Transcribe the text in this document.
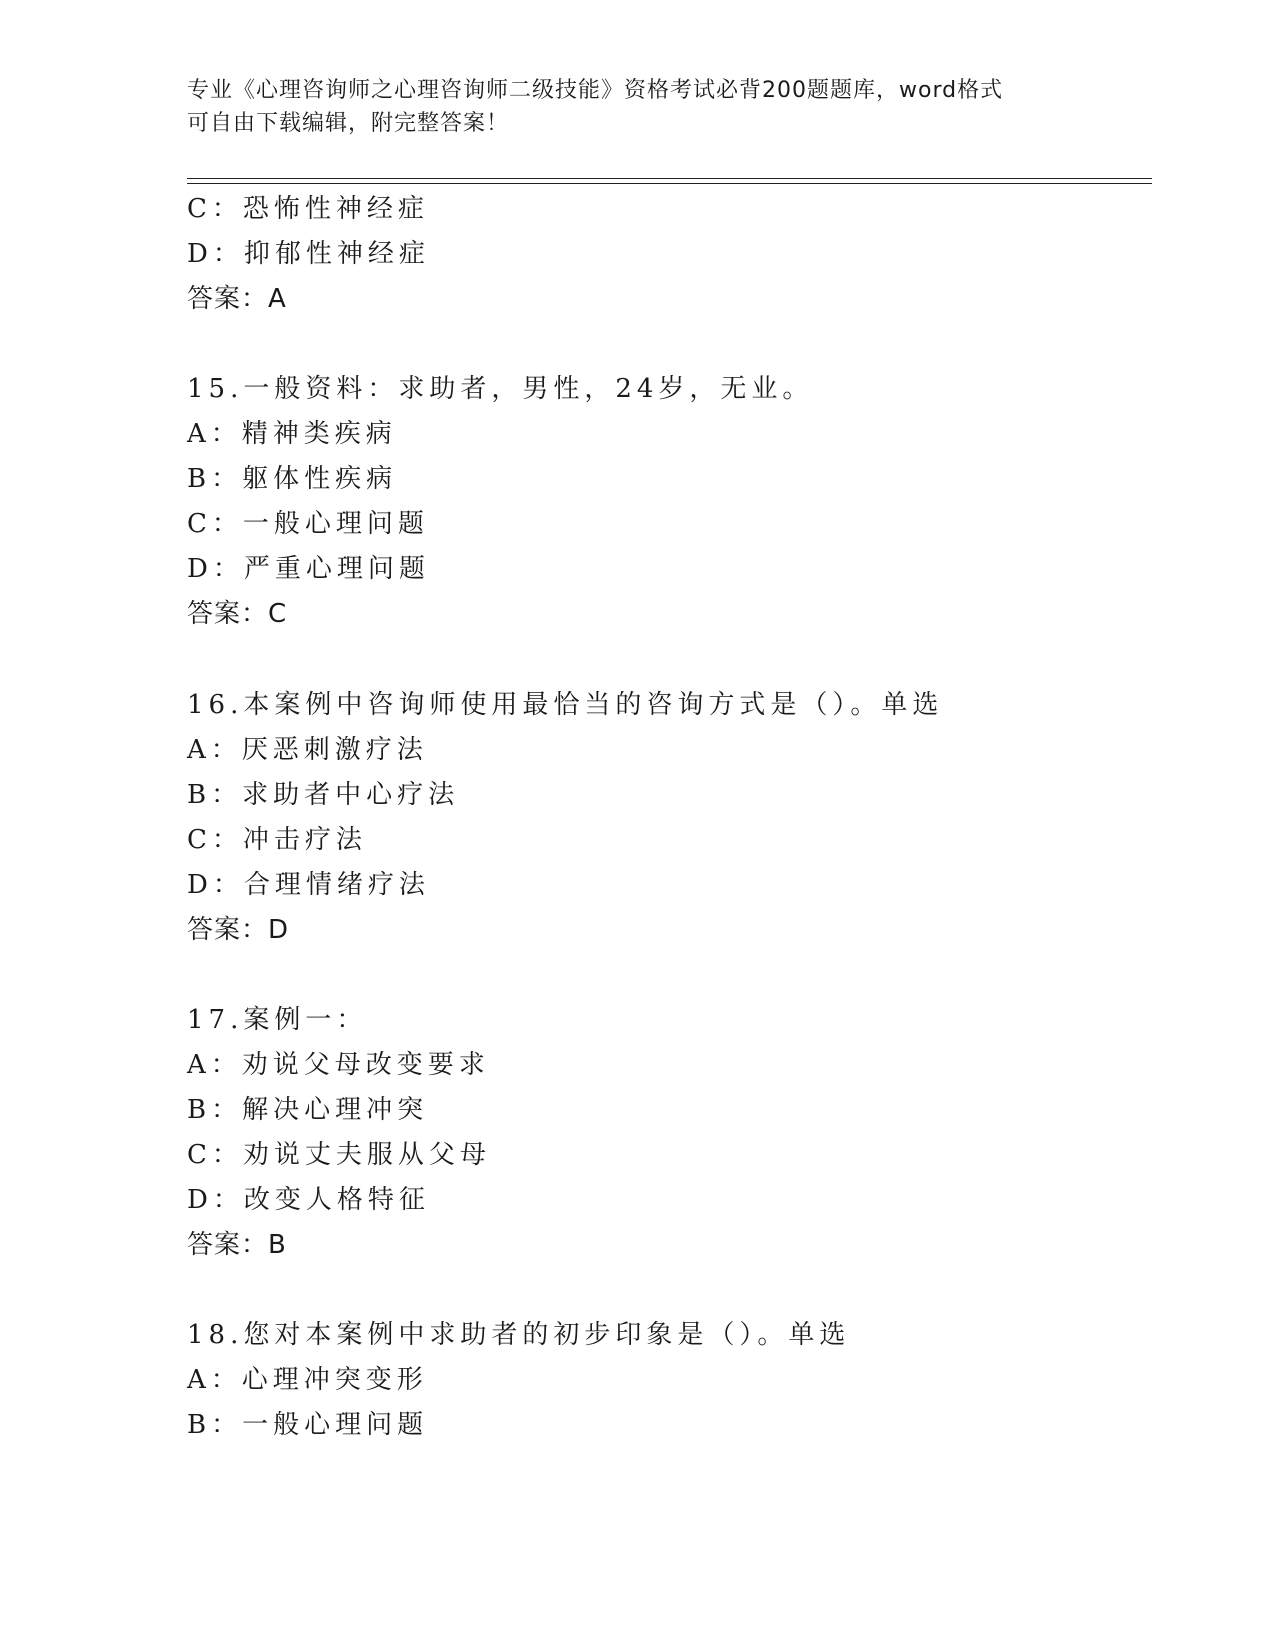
专业《心理咨询师之心理咨询师二级技能》资格考试必背200题题库，word格式
可自由下载编辑，附完整答案！
C：恐怖性神经症
D：抑郁性神经症
答案：A
15.一般资料：求助者，男性，24岁，无业。
A：精神类疾病
B：躯体性疾病
C：一般心理问题
D：严重心理问题
答案：C
16.本案例中咨询师使用最恰当的咨询方式是（）。单选
A：厌恶刺激疗法
B：求助者中心疗法
C：冲击疗法
D：合理情绪疗法
答案：D
17.案例一：
A：劝说父母改变要求
B：解决心理冲突
C：劝说丈夫服从父母
D：改变人格特征
答案：B
18.您对本案例中求助者的初步印象是（）。单选
A：心理冲突变形
B：一般心理问题
